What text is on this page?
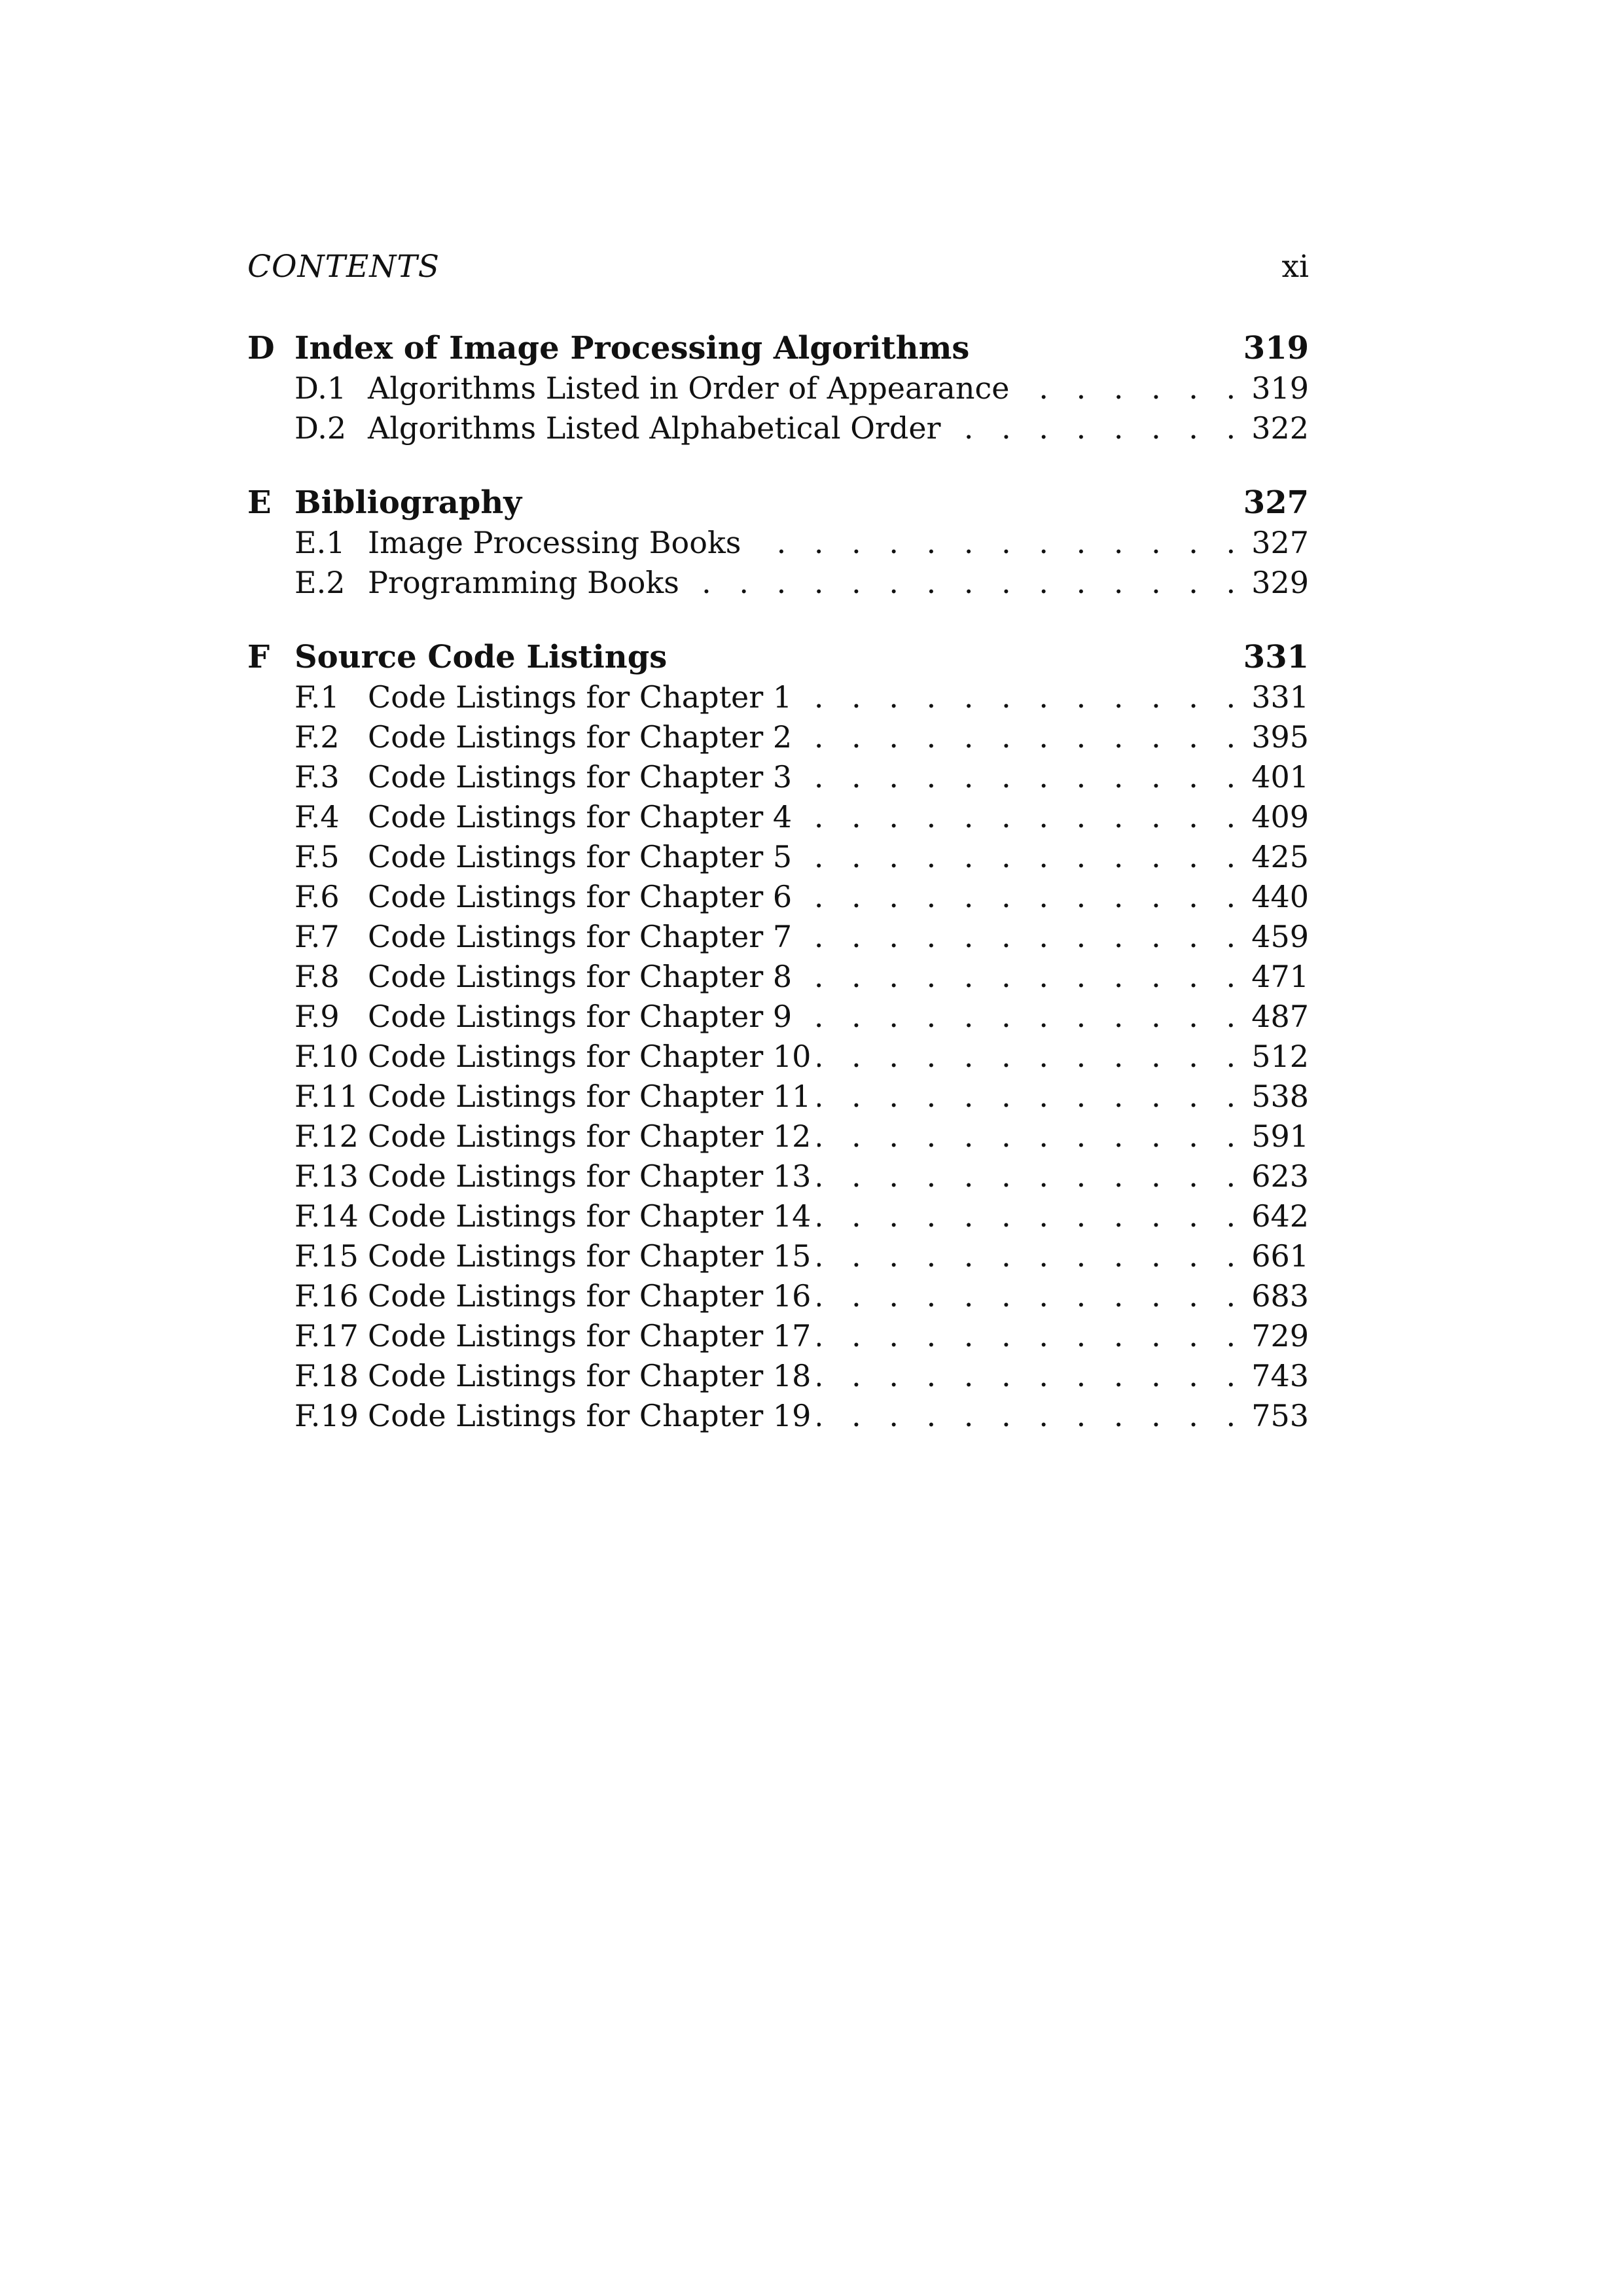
CONTENTS	xi
D Index of Image Processing Algorithms	319
D.1 Algorithms Listed in Order of Appearance . . .	319
D.2 Algorithms Listed Alphabetical Order . . .	322
E Bibliography	327
E.1 Image Processing Books . . .	327
E.2 Programming Books . . .	329
F Source Code Listings	331
F.1 Code Listings for Chapter 1 . . .	331
F.2 Code Listings for Chapter 2 . . .	395
F.3 Code Listings for Chapter 3 . . .	401
F.4 Code Listings for Chapter 4 . . .	409
F.5 Code Listings for Chapter 5 . . .	425
F.6 Code Listings for Chapter 6 . . .	440
F.7 Code Listings for Chapter 7 . . .	459
F.8 Code Listings for Chapter 8 . . .	471
F.9 Code Listings for Chapter 9 . . .	487
F.10 Code Listings for Chapter 10 . . .	512
F.11 Code Listings for Chapter 11 . . .	538
F.12 Code Listings for Chapter 12 . . .	591
F.13 Code Listings for Chapter 13 . . .	623
F.14 Code Listings for Chapter 14 . . .	642
F.15 Code Listings for Chapter 15 . . .	661
F.16 Code Listings for Chapter 16 . . .	683
F.17 Code Listings for Chapter 17 . . .	729
F.18 Code Listings for Chapter 18 . . .	743
F.19 Code Listings for Chapter 19 . . .	753
